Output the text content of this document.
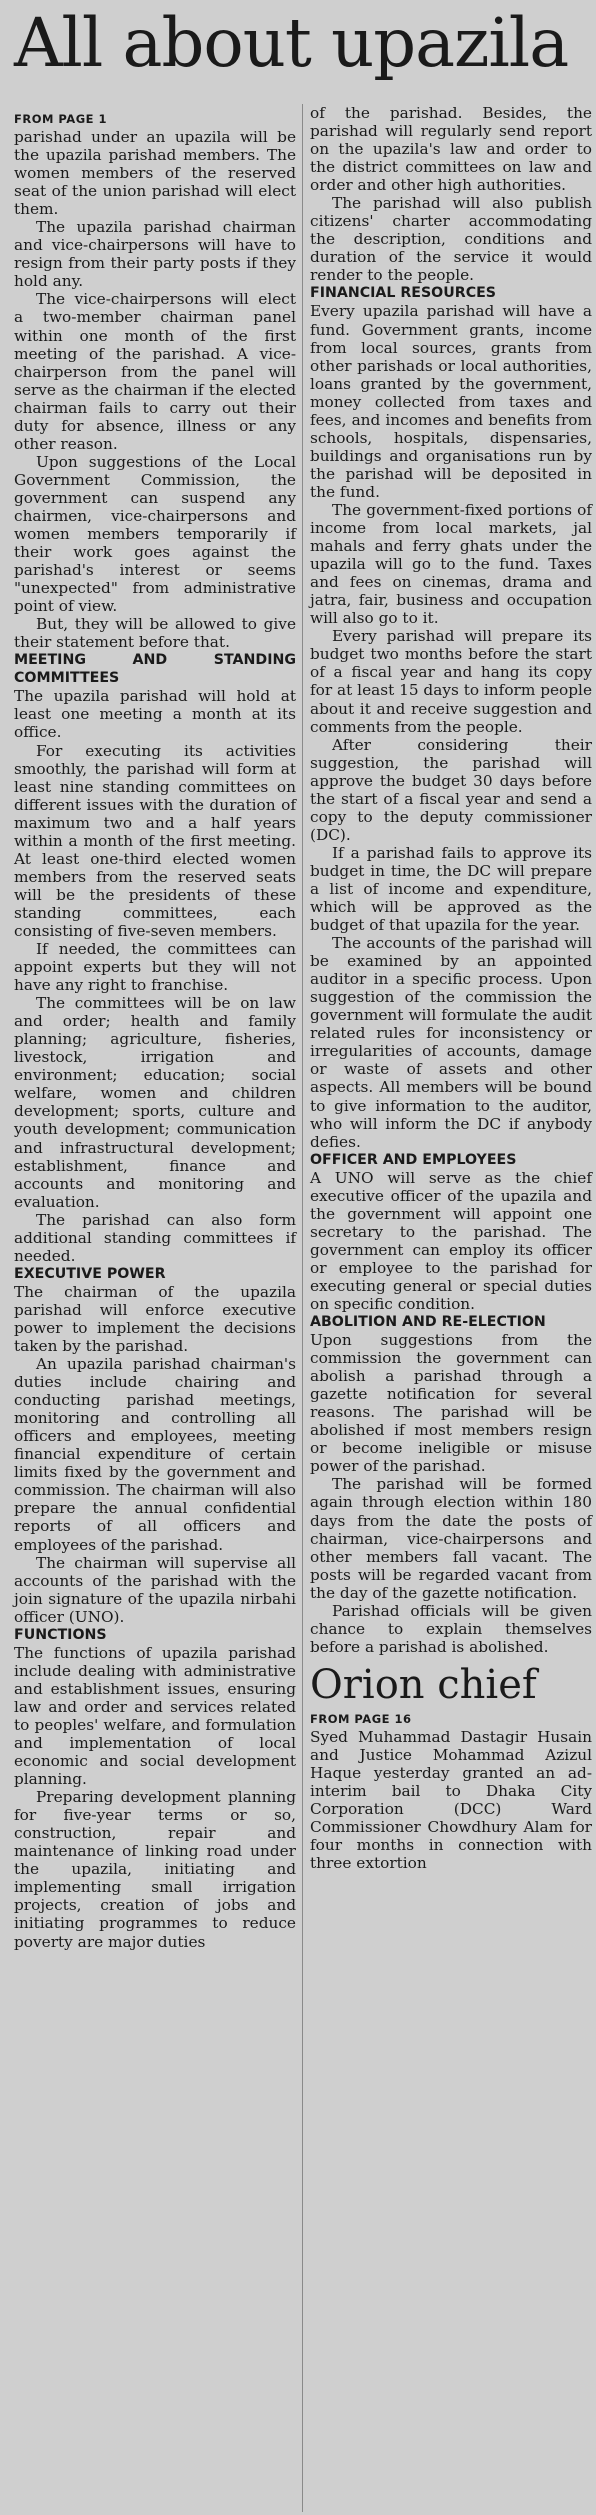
All about upazila
FROM PAGE 1

parishad under an upazila will be the upazila parishad members. The women members of the reserved seat of the union parishad will elect them.

The upazila parishad chairman and vice-chairpersons will have to resign from their party posts if they hold any.

The vice-chairpersons will elect a two-member chairman panel within one month of the first meeting of the parishad. A vice-chairperson from the panel will serve as the chairman if the elected chairman fails to carry out their duty for absence, illness or any other reason.

Upon suggestions of the Local Government Commission, the government can suspend any chairmen, vice-chairpersons and women members temporarily if their work goes against the parishad's interest or seems "unexpected" from administrative point of view.

But, they will be allowed to give their statement before that.

MEETING AND STANDING COMMITTEES

The upazila parishad will hold at least one meeting a month at its office.

For executing its activities smoothly, the parishad will form at least nine standing committees on different issues with the duration of maximum two and a half years within a month of the first meeting. At least one-third elected women members from the reserved seats will be the presidents of these standing committees, each consisting of five-seven members.

If needed, the committees can appoint experts but they will not have any right to franchise.

The committees will be on law and order; health and family planning; agriculture, fisheries, livestock, irrigation and environment; education; social welfare, women and children development; sports, culture and youth development; communication and infrastructural development; establishment, finance and accounts and monitoring and evaluation.

The parishad can also form additional standing committees if needed.

EXECUTIVE POWER

The chairman of the upazila parishad will enforce executive power to implement the decisions taken by the parishad.

An upazila parishad chairman's duties include chairing and conducting parishad meetings, monitoring and controlling all officers and employees, meeting financial expenditure of certain limits fixed by the government and commission. The chairman will also prepare the annual confidential reports of all officers and employees of the parishad.

The chairman will supervise all accounts of the parishad with the join signature of the upazila nirbahi officer (UNO).

FUNCTIONS

The functions of upazila parishad include dealing with administrative and establishment issues, ensuring law and order and services related to peoples' welfare, and formulation and implementation of local economic and social development planning.

Preparing development planning for five-year terms or so, construction, repair and maintenance of linking road under the upazila, initiating and implementing small irrigation projects, creation of jobs and initiating programmes to reduce poverty are major duties

of the parishad. Besides, the parishad will regularly send report on the upazila's law and order to the district committees on law and order and other high authorities.

The parishad will also publish citizens' charter accommodating the description, conditions and duration of the service it would render to the people.

FINANCIAL RESOURCES

Every upazila parishad will have a fund. Government grants, income from local sources, grants from other parishads or local authorities, loans granted by the government, money collected from taxes and fees, and incomes and benefits from schools, hospitals, dispensaries, buildings and organisations run by the parishad will be deposited in the fund.

The government-fixed portions of income from local markets, jal mahals and ferry ghats under the upazila will go to the fund. Taxes and fees on cinemas, drama and jatra, fair, business and occupation will also go to it.

Every parishad will prepare its budget two months before the start of a fiscal year and hang its copy for at least 15 days to inform people about it and receive suggestion and comments from the people.

After considering their suggestion, the parishad will approve the budget 30 days before the start of a fiscal year and send a copy to the deputy commissioner (DC).

If a parishad fails to approve its budget in time, the DC will prepare a list of income and expenditure, which will be approved as the budget of that upazila for the year.

The accounts of the parishad will be examined by an appointed auditor in a specific process. Upon suggestion of the commission the government will formulate the audit related rules for inconsistency or irregularities of accounts, damage or waste of assets and other aspects. All members will be bound to give information to the auditor, who will inform the DC if anybody defies.

OFFICER AND EMPLOYEES

A UNO will serve as the chief executive officer of the upazila and the government will appoint one secretary to the parishad. The government can employ its officer or employee to the parishad for executing general or special duties on specific condition.

ABOLITION AND RE-ELECTION

Upon suggestions from the commission the government can abolish a parishad through a gazette notification for several reasons. The parishad will be abolished if most members resign or become ineligible or misuse power of the parishad.

The parishad will be formed again through election within 180 days from the date the posts of chairman, vice-chairpersons and other members fall vacant. The posts will be regarded vacant from the day of the gazette notification.

Parishad officials will be given chance to explain themselves before a parishad is abolished.

Orion chief
FROM PAGE 16

Syed Muhammad Dastagir Husain and Justice Mohammad Azizul Haque yesterday granted an ad-interim bail to Dhaka City Corporation (DCC) Ward Commissioner Chowdhury Alam for four months in connection with three extortion
